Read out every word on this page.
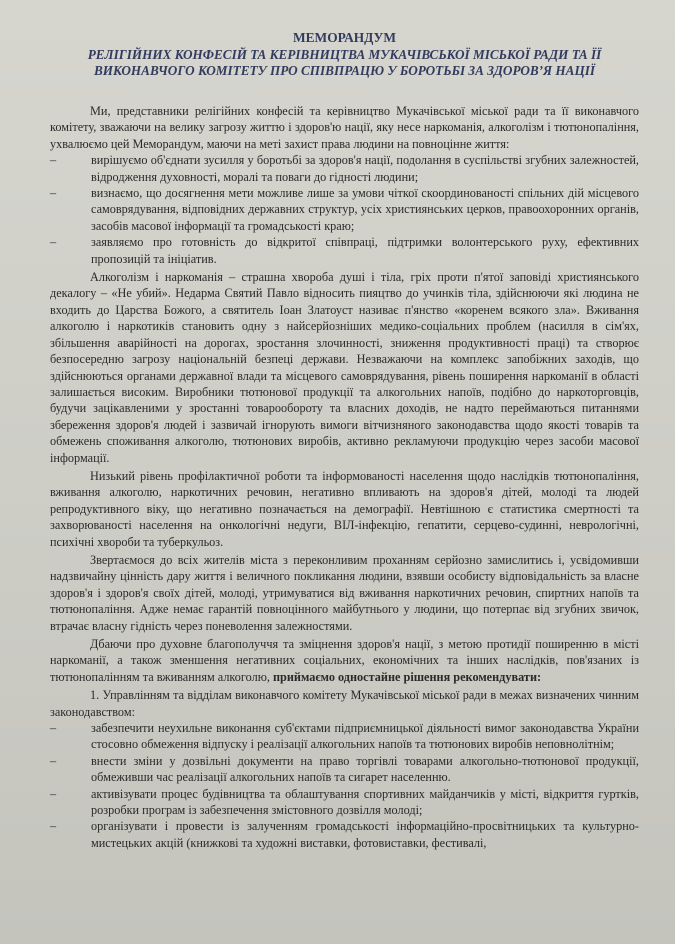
МЕМОРАНДУМ
РЕЛІГІЙНИХ КОНФЕСІЙ ТА КЕРІВНИЦТВА МУКАЧІВСЬКОЇ МІСЬКОЇ РАДИ ТА ЇЇ
ВИКОНАВЧОГО КОМІТЕТУ ПРО СПІВПРАЦЮ У БОРОТЬБІ ЗА ЗДОРОВ’Я НАЦІЇ

Ми, представники релігійних конфесій та керівництво Мукачівської міської ради та її виконавчого комітету, зважаючи на велику загрозу життю і здоров'ю нації, яку несе наркоманія, алкоголізм і тютюнопаління, ухвалюємо цей Меморандум, маючи на меті захист права людини на повноцінне життя:

– вирішуємо об'єднати зусилля у боротьбі за здоров'я нації, подолання в суспільстві згубних залежностей, відродження духовності, моралі та поваги до гідності людини;
– визнаємо, що досягнення мети можливе лише за умови чіткої скоординованості спільних дій місцевого самоврядування, відповідних державних структур, усіх християнських церков, правоохоронних органів, засобів масової інформації та громадськості краю;
– заявляємо про готовність до відкритої співпраці, підтримки волонтерського руху, ефективних пропозицій та ініціатив.

Алкоголізм і наркоманія – страшна хвороба душі і тіла, гріх проти п'ятої заповіді християнського декалогу – «Не убий». Недарма Святий Павло відносить пияцтво до учинків тіла, здійснюючи які людина не входить до Царства Божого, а святитель Іоан Златоуст називає п'янство «коренем всякого зла». Вживання алкоголю і наркотиків становить одну з найсерйозніших медико-соціальних проблем (насилля в сім'ях, збільшення аварійності на дорогах, зростання злочинності, зниження продуктивності праці) та створює безпосередню загрозу національній безпеці держави. Незважаючи на комплекс запобіжних заходів, що здійснюються органами державної влади та місцевого самоврядування, рівень поширення наркоманії в області залишається високим. Виробники тютюнової продукції та алкогольних напоїв, подібно до наркоторговців, будучи зацікавленими у зростанні товарообороту та власних доходів, не надто переймаються питаннями збереження здоров'я людей і зазвичай ігнорують вимоги вітчизняного законодавства щодо якості товарів та обмежень споживання алкоголю, тютюнових виробів, активно рекламуючи продукцію через засоби масової інформації.

Низький рівень профілактичної роботи та інформованості населення щодо наслідків тютюнопаління, вживання алкоголю, наркотичних речовин, негативно впливають на здоров'я дітей, молоді та людей репродуктивного віку, що негативно позначається на демографії. Невтішною є статистика смертності та захворюваності населення на онкологічні недуги, ВІЛ-інфекцію, гепатити, серцево-судинні, неврологічні, психічні хвороби та туберкульоз.

Звертаємося до всіх жителів міста з переконливим проханням серйозно замислитись і, усвідомивши надзвичайну цінність дару життя і величного покликання людини, взявши особисту відповідальність за власне здоров'я і здоров'я своїх дітей, молоді, утримуватися від вживання наркотичних речовин, спиртних напоїв та тютюнопаління. Адже немає гарантій повноцінного майбутнього у людини, що потерпає від згубних звичок, втрачає власну гідність через поневолення залежностями.

Дбаючи про духовне благополуччя та зміцнення здоров'я нації, з метою протидії поширенню в місті наркоманії, а також зменшення негативних соціальних, економічних та інших наслідків, пов'язаних із тютюнопалінням та вживанням алкоголю, приймаємо одностайне рішення рекомендувати:

1. Управлінням та відділам виконавчого комітету Мукачівської міської ради в межах визначених чинним законодавством:

– забезпечити неухильне виконання суб'єктами підприємницької діяльності вимог законодавства України стосовно обмеження відпуску і реалізації алкогольних напоїв та тютюнових виробів неповнолітнім;
– внести зміни у дозвільні документи на право торгівлі товарами алкогольно-тютюнової продукції, обмеживши час реалізації алкогольних напоїв та сигарет населенню.
– активізувати процес будівництва та облаштування спортивних майданчиків у місті, відкриття гуртків, розробки програм із забезпечення змістовного дозвілля молоді;
– організувати і провести із залученням громадськості інформаційно-просвітницьких та культурно-мистецьких акцій (книжкові та художні виставки, фотовиставки, фестивалі,
